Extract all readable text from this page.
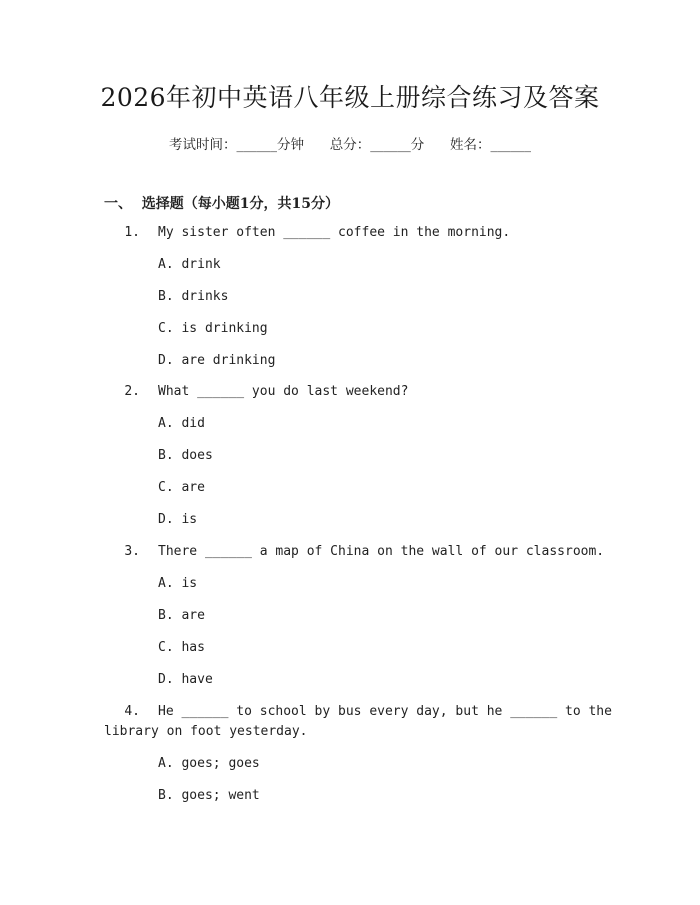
2026年初中英语八年级上册综合练习及答案
考试时间：______分钟      总分：______分      姓名：______
一、  选择题（每小题1分，共15分）
1. My sister often ______ coffee in the morning.
A. drink
B. drinks
C. is drinking
D. are drinking
2. What ______ you do last weekend?
A. did
B. does
C. are
D. is
3. There ______ a map of China on the wall of our classroom.
A. is
B. are
C. has
D. have
4. He ______ to school by bus every day, but he ______ to the
library on foot yesterday.
A. goes; goes
B. goes; went
